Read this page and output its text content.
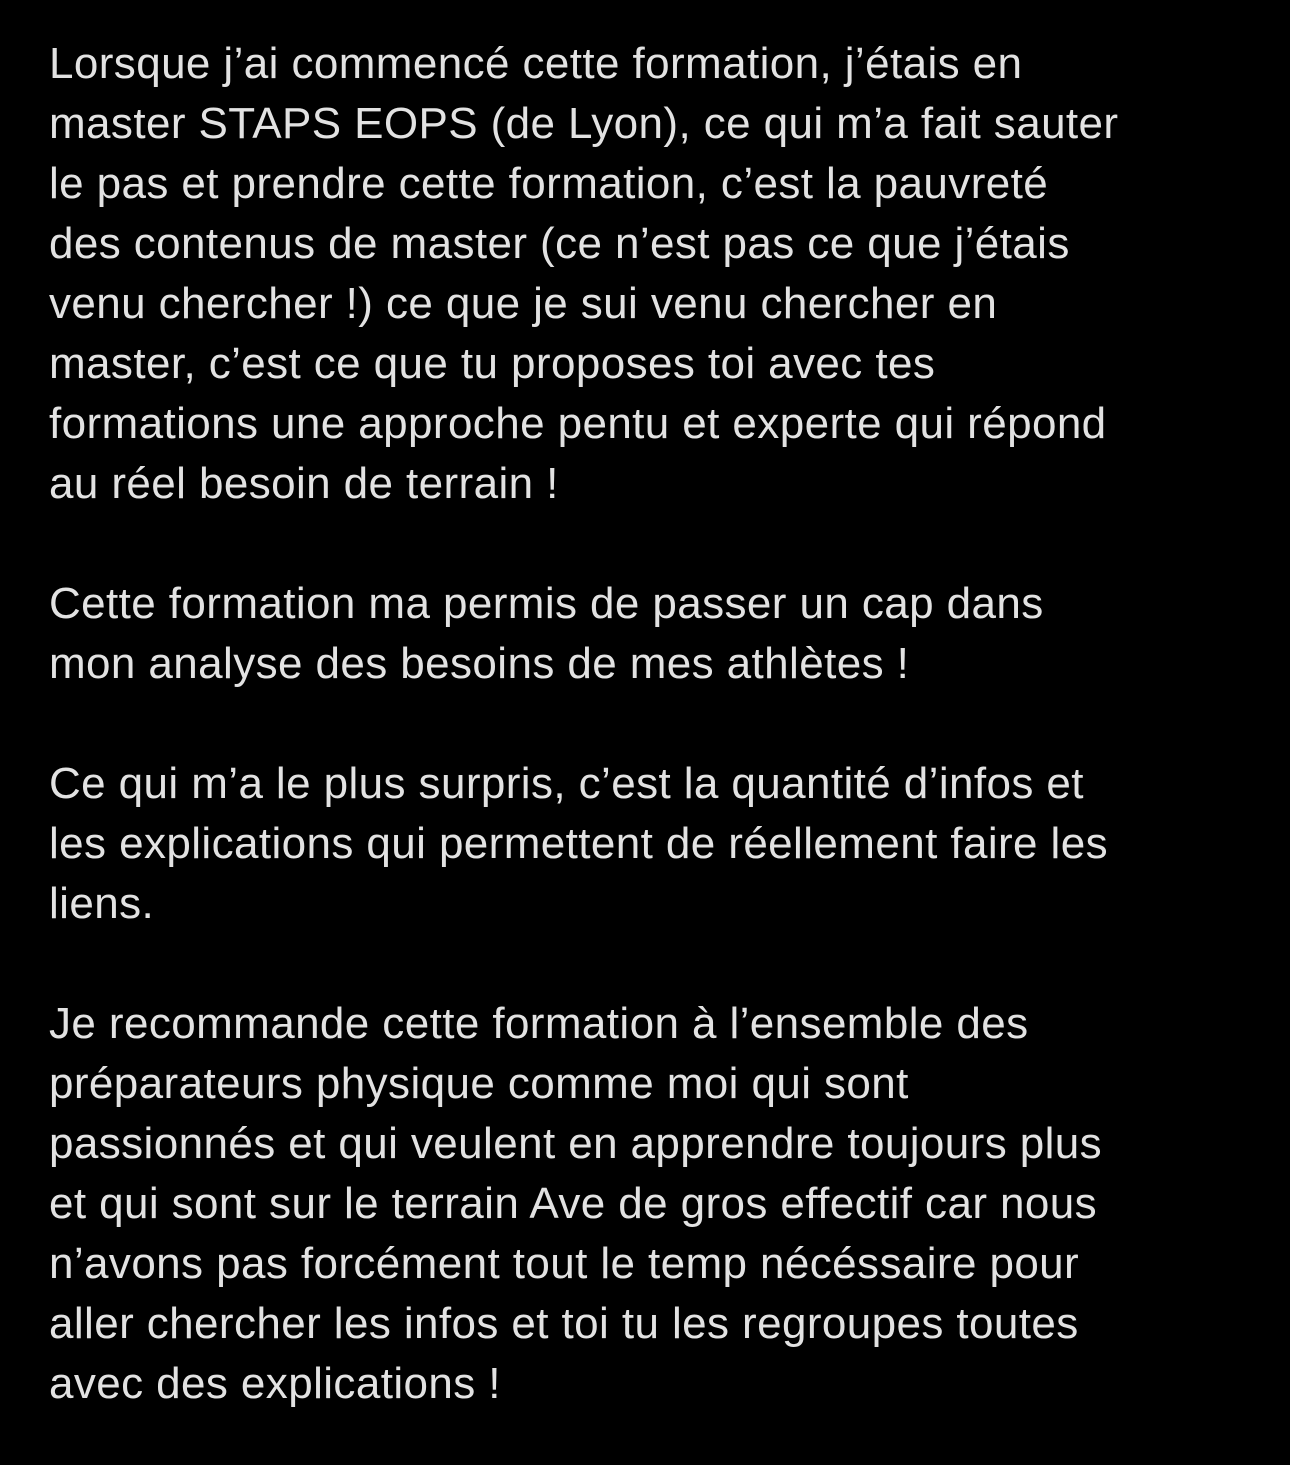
Lorsque j’ai commencé cette formation, j’étais en
master STAPS EOPS (de Lyon), ce qui m’a fait sauter
le pas et prendre cette formation, c’est la pauvreté
des contenus de master (ce n’est pas ce que j’étais
venu chercher !) ce que je sui venu chercher en
master, c’est ce que tu proposes toi avec tes
formations une approche pentu et experte qui répond
au réel besoin de terrain !

Cette formation ma permis de passer un cap dans
mon analyse des besoins de mes athlètes !

Ce qui m’a le plus surpris, c’est la quantité d’infos et
les explications qui permettent de réellement faire les
liens.

Je recommande cette formation à l’ensemble des
préparateurs physique comme moi qui sont
passionnés et qui veulent en apprendre toujours plus
et qui sont sur le terrain Ave de gros effectif car nous
n’avons pas forcément tout le temp nécéssaire pour
aller chercher les infos et toi tu les regroupes toutes
avec des explications !
